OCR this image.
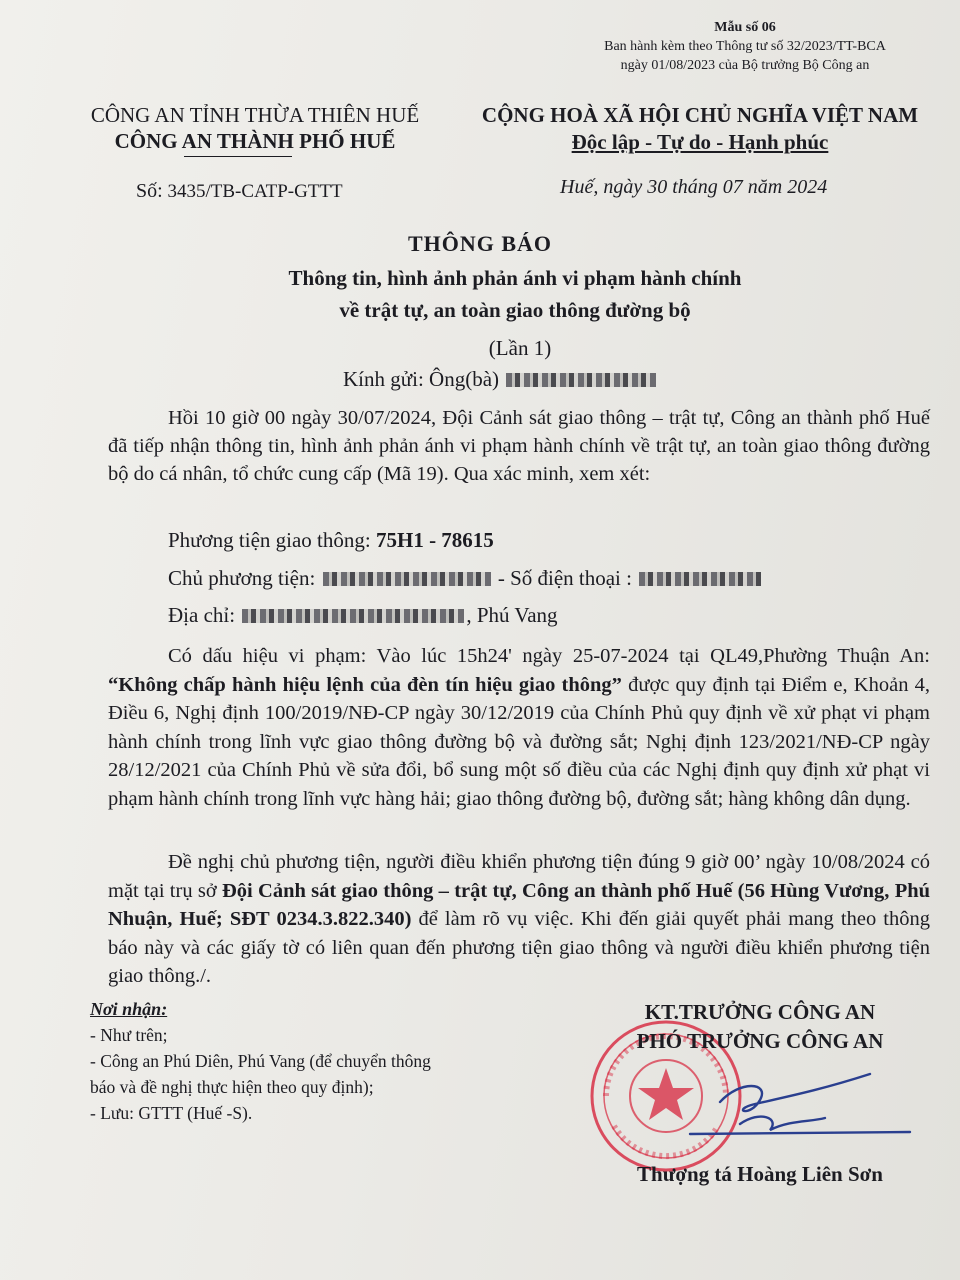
Mẫu số 06
Ban hành kèm theo Thông tư số 32/2023/TT-BCA
ngày 01/08/2023 của Bộ trưởng Bộ Công an
CÔNG AN TỈNH THỪA THIÊN HUẾ
CÔNG AN THÀNH PHỐ HUẾ
CỘNG HOÀ XÃ HỘI CHỦ NGHĨA VIỆT NAM
Độc lập - Tự do - Hạnh phúc
Số: 3435/TB-CATP-GTTT	Huế, ngày 30 tháng 07 năm 2024
THÔNG BÁO
Thông tin, hình ảnh phản ánh vi phạm hành chính
về trật tự, an toàn giao thông đường bộ
(Lần 1)
Kính gửi: Ông(bà)
Hồi 10 giờ 00 ngày 30/07/2024, Đội Cảnh sát giao thông – trật tự, Công an thành phố Huế đã tiếp nhận thông tin, hình ảnh phản ánh vi phạm hành chính về trật tự, an toàn giao thông đường bộ do cá nhân, tổ chức cung cấp (Mã 19). Qua xác minh, xem xét:
Phương tiện giao thông: 75H1 - 78615
Chủ phương tiện:	- Số điện thoại :
Địa chỉ:	, Phú Vang
Có dấu hiệu vi phạm: Vào lúc 15h24' ngày 25-07-2024 tại QL49,Phường Thuận An: “Không chấp hành hiệu lệnh của đèn tín hiệu giao thông” được quy định tại Điểm e, Khoản 4, Điều 6, Nghị định 100/2019/NĐ-CP ngày 30/12/2019 của Chính Phủ quy định về xử phạt vi phạm hành chính trong lĩnh vực giao thông đường bộ và đường sắt; Nghị định 123/2021/NĐ-CP ngày 28/12/2021 của Chính Phủ về sửa đổi, bổ sung một số điều của các Nghị định quy định xử phạt vi phạm hành chính trong lĩnh vực hàng hải; giao thông đường bộ, đường sắt; hàng không dân dụng.
Đề nghị chủ phương tiện, người điều khiển phương tiện đúng 9 giờ 00’ ngày 10/08/2024 có mặt tại trụ sở Đội Cảnh sát giao thông – trật tự, Công an thành phố Huế (56 Hùng Vương, Phú Nhuận, Huế; SĐT 0234.3.822.340) để làm rõ vụ việc. Khi đến giải quyết phải mang theo thông báo này và các giấy tờ có liên quan đến phương tiện giao thông và người điều khiển phương tiện giao thông./.
Nơi nhận:
- Như trên;
- Công an Phú Diên, Phú Vang (để chuyển thông
báo và đề nghị thực hiện theo quy định);
- Lưu: GTTT (Huế -S).
KT.TRƯỞNG CÔNG AN
PHÓ TRƯỞNG CÔNG AN
Thượng tá Hoàng Liên Sơn
